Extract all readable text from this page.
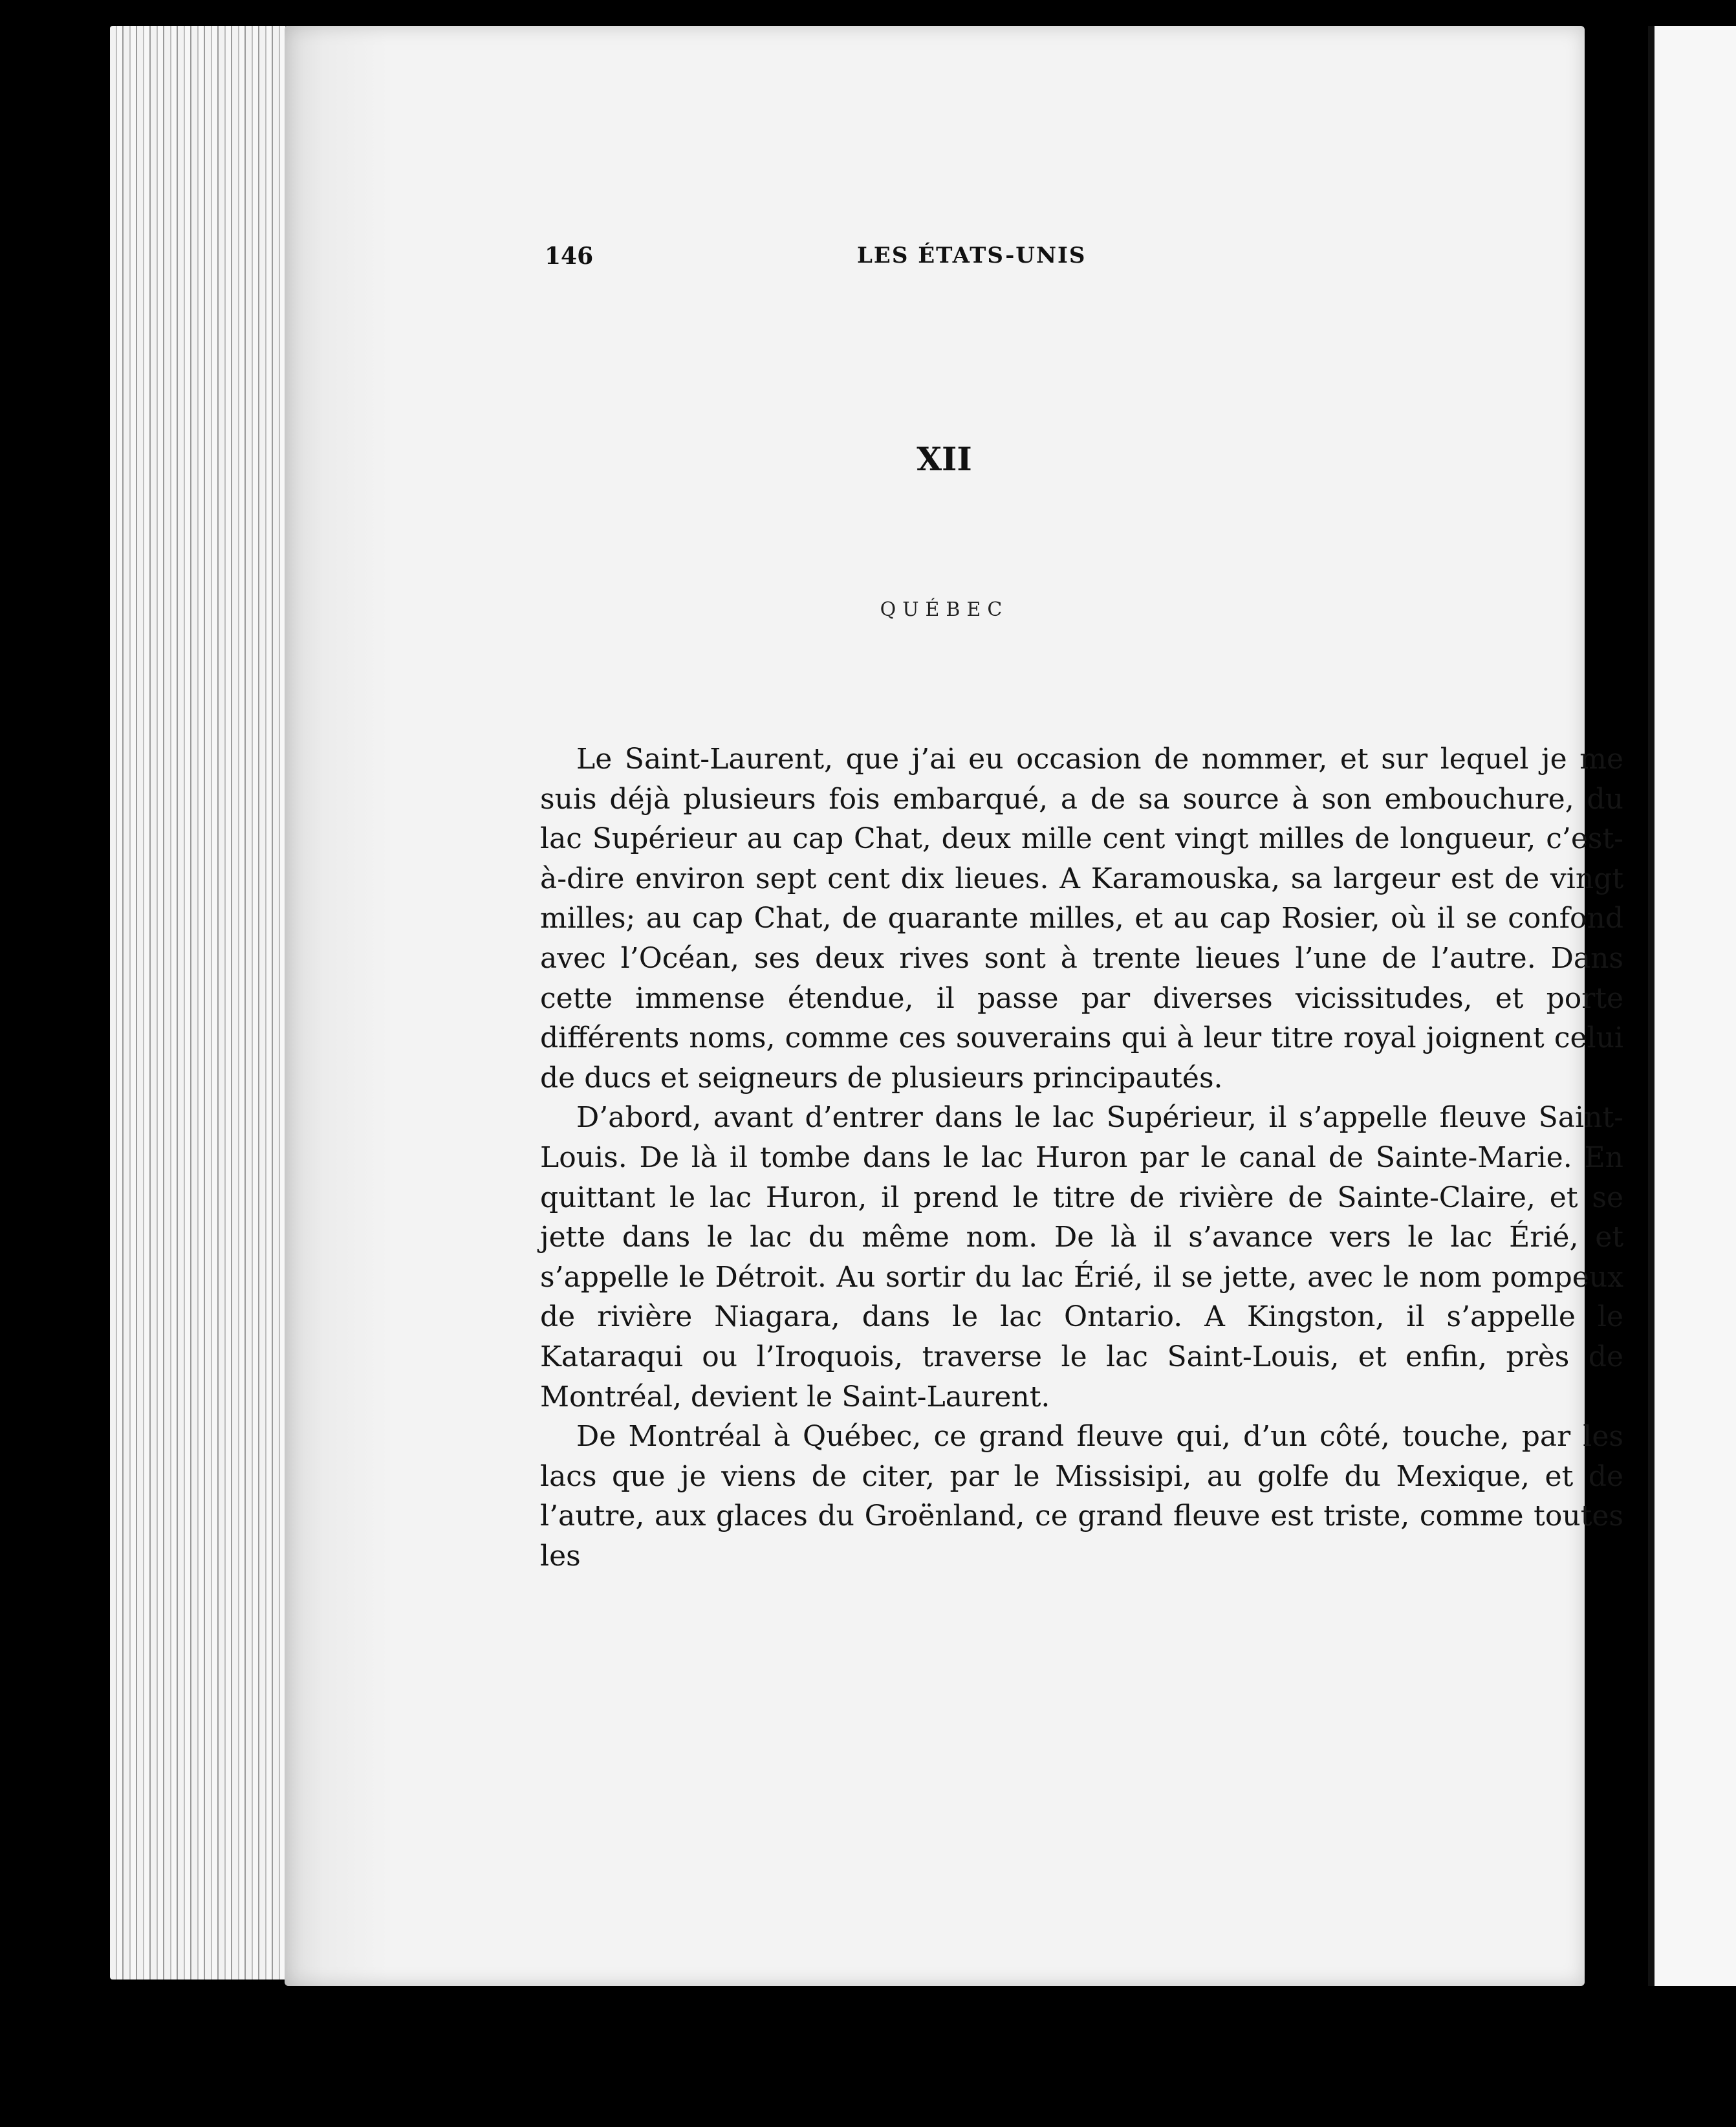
146	LES ÉTATS-UNIS
XII
QUÉBEC

Le Saint-Laurent, que j’ai eu occasion de nommer, et sur lequel je me suis déjà plusieurs fois embarqué, a de sa source à son embouchure, du lac Supérieur au cap Chat, deux mille cent vingt milles de longueur, c’est-à-dire environ sept cent dix lieues. A Karamouska, sa largeur est de vingt milles; au cap Chat, de quarante milles, et au cap Rosier, où il se confond avec l’Océan, ses deux rives sont à trente lieues l’une de l’autre. Dans cette immense étendue, il passe par diverses vicissitudes, et porte différents noms, comme ces souverains qui à leur titre royal joignent celui de ducs et seigneurs de plusieurs principautés.

D’abord, avant d’entrer dans le lac Supérieur, il s’appelle fleuve Saint-Louis. De là il tombe dans le lac Huron par le canal de Sainte-Marie. En quittant le lac Huron, il prend le titre de rivière de Sainte-Claire, et se jette dans le lac du même nom. De là il s’avance vers le lac Érié, et s’appelle le Détroit. Au sortir du lac Érié, il se jette, avec le nom pompeux de rivière Niagara, dans le lac Ontario. A Kingston, il s’appelle le Kataraqui ou l’Iroquois, traverse le lac Saint-Louis, et enfin, près de Montréal, devient le Saint-Laurent.

De Montréal à Québec, ce grand fleuve qui, d’un côté, touche, par les lacs que je viens de citer, par le Missisipi, au golfe du Mexique, et de l’autre, aux glaces du Groënland, ce grand fleuve est triste, comme toutes les
